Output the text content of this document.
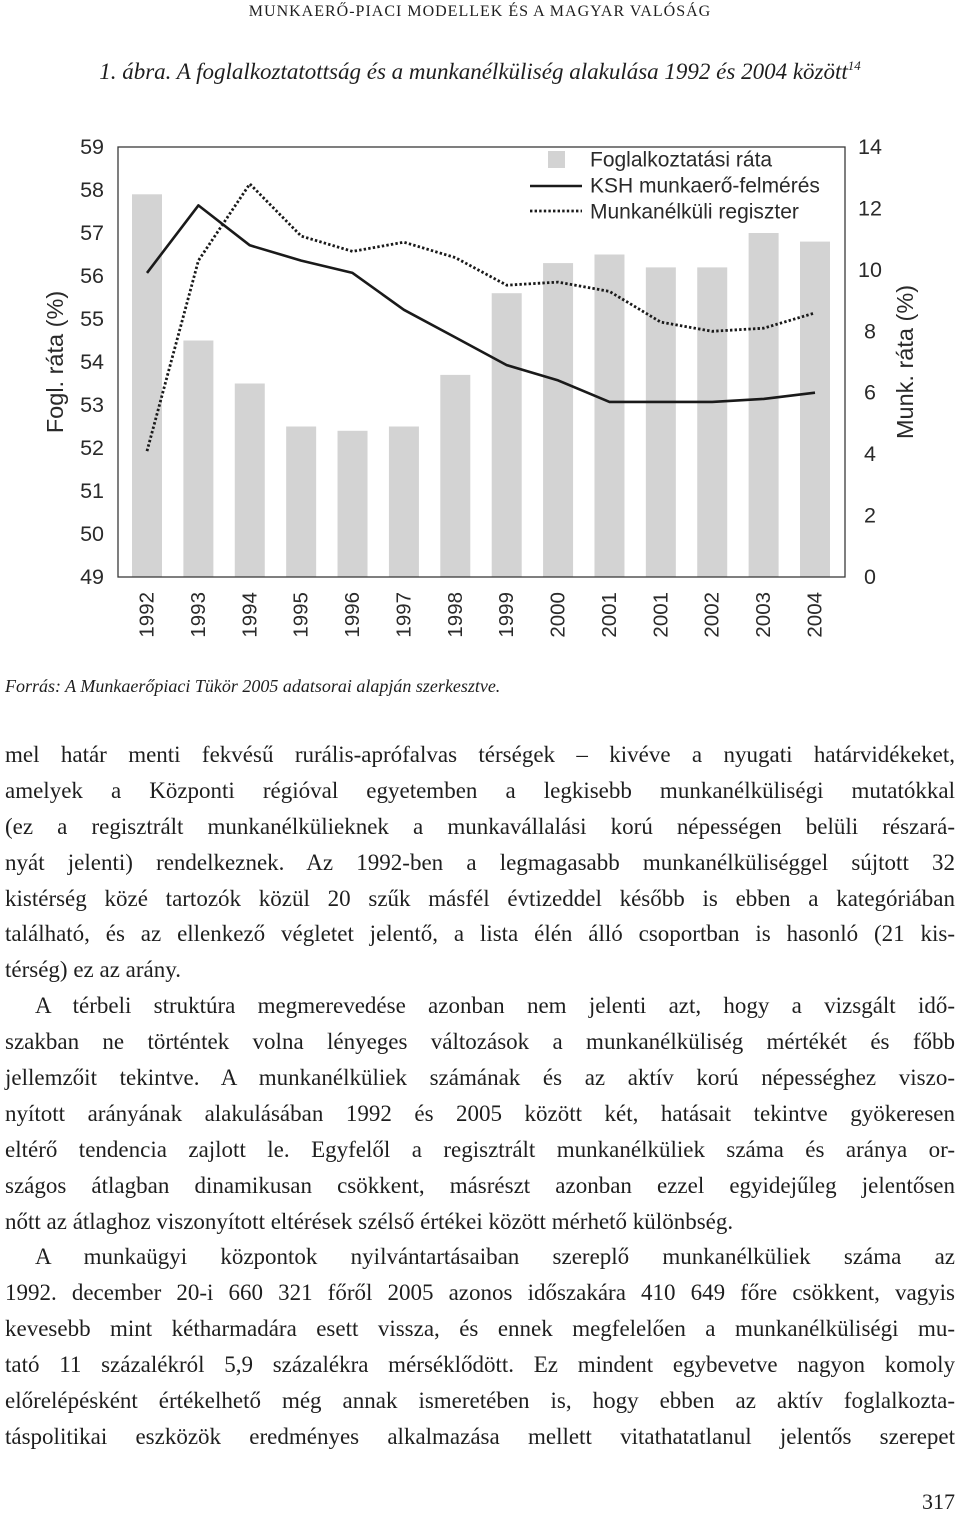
MUNKAERŐ-PIACI MODELLEK ÉS A MAGYAR VALÓSÁG
1. ábra. A foglalkoztatottság és a munkanélküliség alakulása 1992 és 2004 között$^{14}$
59
58
57
56
55
54
53
52
51
50
49
14
12
10
8
6
4
2
0
1992 1993 1994 1995 1996 1997 1998 1999 2000 2001 2001 2002 2003 2004
Fogl. ráta (%)	Munk. ráta (%)
Foglalkoztatási ráta
KSH munkaerő-felmérés
Munkanélküli regiszter
Forrás: A Munkaerőpiaci Tükör 2005 adatsorai alapján szerkesztve.
mel határ menti fekvésű rurális-aprófalvas térségek – kivéve a nyugati határvidékeket,
amelyek a Központi régióval egyetemben a legkisebb munkanélküliségi mutatókkal
(ez a regisztrált munkanélkülieknek a munkavállalási korú népességen belüli részará-
nyát jelenti) rendelkeznek. Az 1992-ben a legmagasabb munkanélküliséggel sújtott 32
kistérség közé tartozók közül 20 szűk másfél évtizeddel később is ebben a kategóriában
található, és az ellenkező végletet jelentő, a lista élén álló csoportban is hasonló (21 kis-
térség) ez az arány.
A térbeli struktúra megmerevedése azonban nem jelenti azt, hogy a vizsgált idő-
szakban ne történtek volna lényeges változások a munkanélküliség mértékét és főbb
jellemzőit tekintve. A munkanélküliek számának és az aktív korú népességhez viszo-
nyított arányának alakulásában 1992 és 2005 között két, hatásait tekintve gyökeresen
eltérő tendencia zajlott le. Egyfelől a regisztrált munkanélküliek száma és aránya or-
szágos átlagban dinamikusan csökkent, másrészt azonban ezzel egyidejűleg jelentősen
nőtt az átlaghoz viszonyított eltérések szélső értékei között mérhető különbség.
A munkaügyi központok nyilvántartásaiban szereplő munkanélküliek száma az
1992. december 20-i 660 321 főről 2005 azonos időszakára 410 649 főre csökkent, vagyis
kevesebb mint kétharmadára esett vissza, és ennek megfelelően a munkanélküliségi mu-
tató 11 százalékról 5,9 százalékra mérséklődött. Ez mindent egybevetve nagyon komoly
előrelépésként értékelhető még annak ismeretében is, hogy ebben az aktív foglalkozta-
táspolitikai eszközök eredményes alkalmazása mellett vitathatatlanul jelentős szerepet
317
